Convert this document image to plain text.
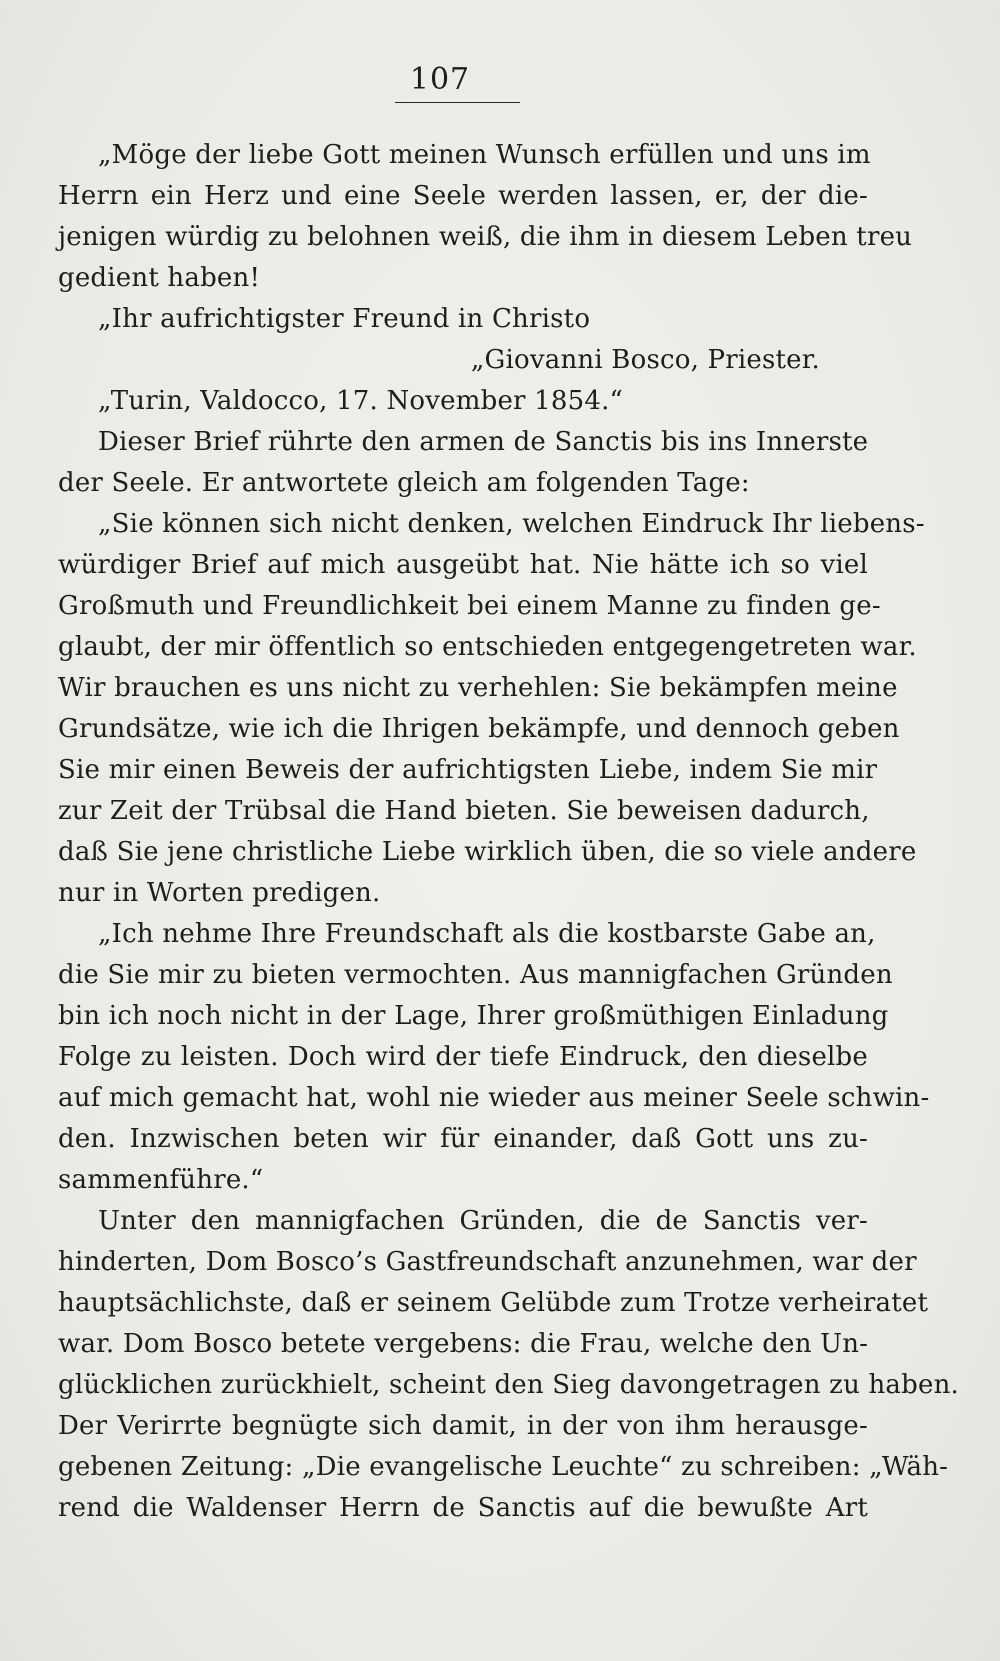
107
„Möge der liebe Gott meinen Wunsch erfüllen und uns im
Herrn ein Herz und eine Seele werden lassen, er, der die-
jenigen würdig zu belohnen weiß, die ihm in diesem Leben treu
gedient haben!
„Ihr aufrichtigster Freund in Christo
„Giovanni Bosco, Priester.
„Turin, Valdocco, 17. November 1854.“
Dieser Brief rührte den armen de Sanctis bis ins Innerste
der Seele. Er antwortete gleich am folgenden Tage:
„Sie können sich nicht denken, welchen Eindruck Ihr liebens-
würdiger Brief auf mich ausgeübt hat. Nie hätte ich so viel
Großmuth und Freundlichkeit bei einem Manne zu finden ge-
glaubt, der mir öffentlich so entschieden entgegengetreten war.
Wir brauchen es uns nicht zu verhehlen: Sie bekämpfen meine
Grundsätze, wie ich die Ihrigen bekämpfe, und dennoch geben
Sie mir einen Beweis der aufrichtigsten Liebe, indem Sie mir
zur Zeit der Trübsal die Hand bieten. Sie beweisen dadurch,
daß Sie jene christliche Liebe wirklich üben, die so viele andere
nur in Worten predigen.
„Ich nehme Ihre Freundschaft als die kostbarste Gabe an,
die Sie mir zu bieten vermochten. Aus mannigfachen Gründen
bin ich noch nicht in der Lage, Ihrer großmüthigen Einladung
Folge zu leisten. Doch wird der tiefe Eindruck, den dieselbe
auf mich gemacht hat, wohl nie wieder aus meiner Seele schwin-
den. Inzwischen beten wir für einander, daß Gott uns zu-
sammenführe.“
Unter den mannigfachen Gründen, die de Sanctis ver-
hinderten, Dom Bosco’s Gastfreundschaft anzunehmen, war der
hauptsächlichste, daß er seinem Gelübde zum Trotze verheiratet
war. Dom Bosco betete vergebens: die Frau, welche den Un-
glücklichen zurückhielt, scheint den Sieg davongetragen zu haben.
Der Verirrte begnügte sich damit, in der von ihm herausge-
gebenen Zeitung: „Die evangelische Leuchte“ zu schreiben: „Wäh-
rend die Waldenser Herrn de Sanctis auf die bewußte Art
